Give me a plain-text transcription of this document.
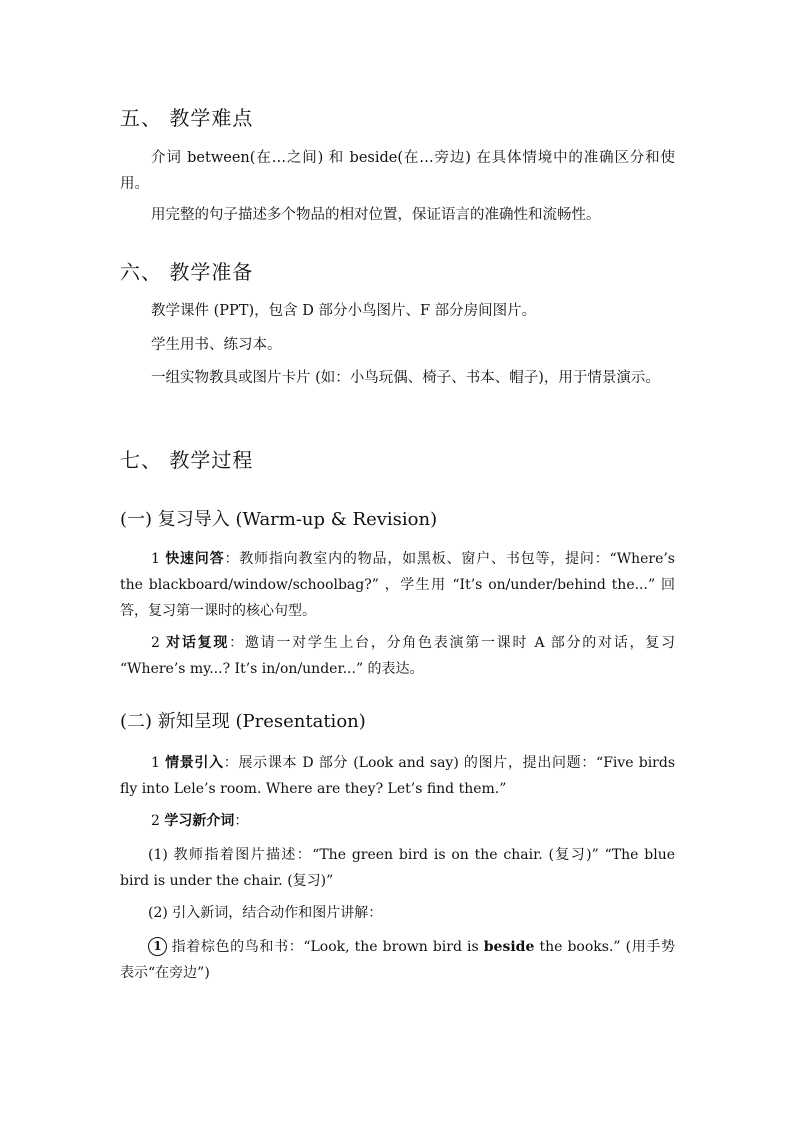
五、 教学难点

介词 between(在…之间) 和 beside(在…旁边) 在具体情境中的准确区分和使用。

用完整的句子描述多个物品的相对位置，保证语言的准确性和流畅性。

六、 教学准备

教学课件 (PPT)，包含 D 部分小鸟图片、F 部分房间图片。

学生用书、练习本。

一组实物教具或图片卡片 (如：小鸟玩偶、椅子、书本、帽子)，用于情景演示。

七、 教学过程
(一) 复习导入 (Warm-up & Revision)

1 快速问答：教师指向教室内的物品，如黑板、窗户、书包等，提问：“Where’s the blackboard/window/schoolbag?” ，学生用 “It’s on/under/behind the...” 回答，复习第一课时的核心句型。

2 对话复现：邀请一对学生上台，分角色表演第一课时 A 部分的对话，复习 “Where’s my...? It’s in/on/under...” 的表达。

(二) 新知呈现 (Presentation)

1 情景引入：展示课本 D 部分 (Look and say) 的图片，提出问题：“Five birds fly into Lele’s room. Where are they? Let’s find them.”

2 学习新介词：

(1) 教师指着图片描述：“The green bird is on the chair. (复习)” “The blue bird is under the chair. (复习)”

(2) 引入新词，结合动作和图片讲解：

1 指着棕色的鸟和书：“Look, the brown bird is beside the books.” (用手势表示“在旁边”)
